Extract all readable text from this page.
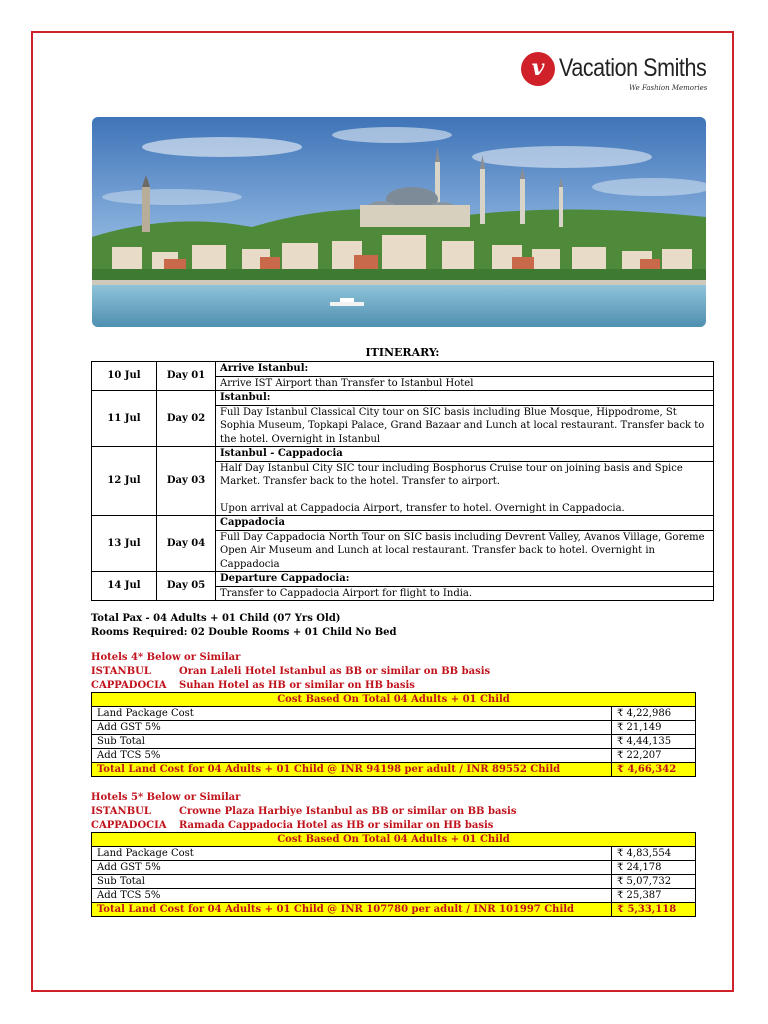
v Vacation Smiths
We Fashion Memories
ITINERARY:
10 Jul	Day 01	Arrive Istanbul:
		Arrive IST Airport than Transfer to Istanbul Hotel
11 Jul	Day 02	Istanbul:
		Full Day Istanbul Classical City tour on SIC basis including Blue Mosque, Hippodrome, St Sophia Museum, Topkapi Palace, Grand Bazaar and Lunch at local restaurant. Transfer back to the hotel. Overnight in Istanbul
12 Jul	Day 03	Istanbul - Cappadocia

		Half Day Istanbul City SIC tour including Bosphorus Cruise tour on joining basis and Spice Market. Transfer back to the hotel. Transfer to airport.
Upon arrival at Cappadocia Airport, transfer to hotel. Overnight in Cappadocia.

13 Jul	Day 04	Cappadocia
		Full Day Cappadocia North Tour on SIC basis including Devrent Valley, Avanos Village, Goreme Open Air Museum and Lunch at local restaurant. Transfer back to hotel. Overnight in Cappadocia
14 Jul	Day 05	Departure Cappadocia:
		Transfer to Cappadocia Airport for flight to India.
Total Pax - 04 Adults + 01 Child (07 Yrs Old)
Rooms Required: 02 Double Rooms + 01 Child No Bed
Hotels 4* Below or Similar
ISTANBUL	Oran Laleli Hotel Istanbul as BB or similar on BB basis
CAPPADOCIA Suhan Hotel as HB or similar on HB basis
Cost Based On Total 04 Adults + 01 Child	
Land Package Cost	₹ 4,22,986
Add GST 5%	₹ 21,149
Sub Total	₹ 4,44,135
Add TCS 5%	₹ 22,207
Total Land Cost for 04 Adults + 01 Child @ INR 94198 per adult / INR 89552 Child	₹ 4,66,342
Hotels 5* Below or Similar
ISTANBUL	Crowne Plaza Harbiye Istanbul as BB or similar on BB basis
CAPPADOCIA Ramada Cappadocia Hotel as HB or similar on HB basis
Cost Based On Total 04 Adults + 01 Child	
Land Package Cost	₹ 4,83,554
Add GST 5%	₹ 24,178
Sub Total	₹ 5,07,732
Add TCS 5%	₹ 25,387
Total Land Cost for 04 Adults + 01 Child @ INR 107780 per adult / INR 101997 Child	₹ 5,33,118
